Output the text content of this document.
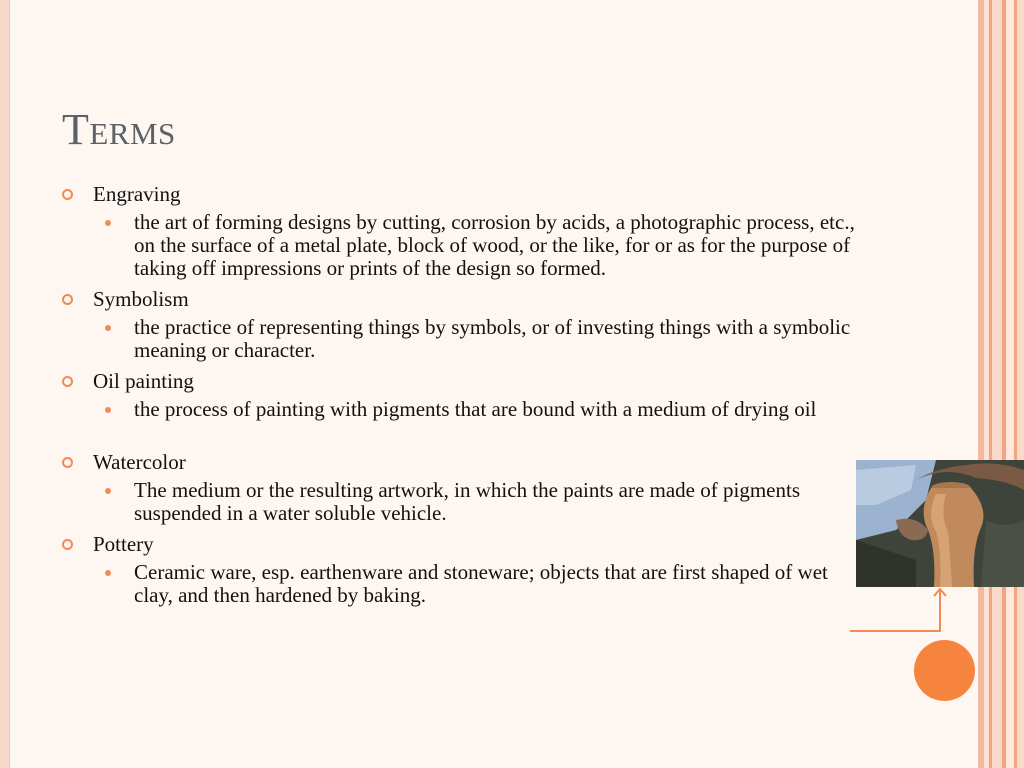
Terms
Engraving
the art of forming designs by cutting, corrosion by acids, a photographic process, etc., on the surface of a metal plate, block of wood, or the like, for or as for the purpose of taking off impressions or prints of the design so formed.
Symbolism
the practice of representing things by symbols, or of investing things with a symbolic meaning or character.
Oil painting
the process of painting with pigments that are bound with a medium of drying oil
Watercolor
The medium or the resulting artwork, in which the paints are made of pigments suspended in a water soluble vehicle.
Pottery
Ceramic ware, esp. earthenware and stoneware; objects that are first shaped of wet clay, and then hardened by baking.
